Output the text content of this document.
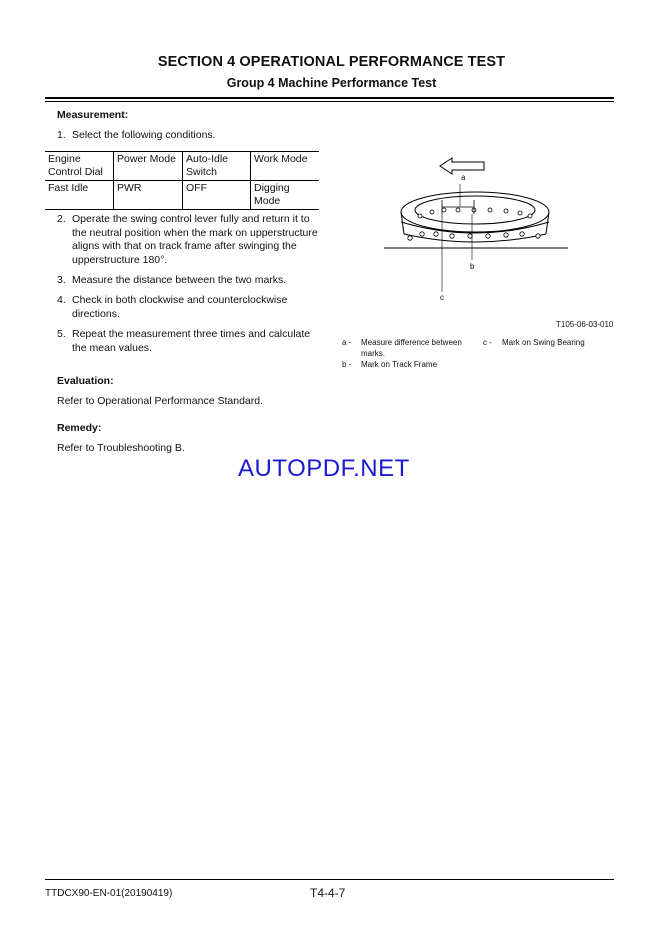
SECTION 4 OPERATIONAL PERFORMANCE TEST
Group 4 Machine Performance Test
Measurement:
1. Select the following conditions.
Engine Control Dial	Power Mode	Auto-Idle Switch	Work Mode
Fast Idle	PWR	OFF	Digging Mode
2. Operate the swing control lever fully and return it to the neutral position when the mark on upperstructure aligns with that on track frame after swinging the upperstructure 180°.
3. Measure the distance between the two marks.
4. Check in both clockwise and counterclockwise directions.
5. Repeat the measurement three times and calculate the mean values.
Evaluation:
Refer to Operational Performance Standard.
Remedy:
Refer to Troubleshooting B.
a
b
c
T105-06-03-010
a - Measure difference between marks.
c - Mark on Swing Bearing
b - Mark on Track Frame
AUTOPDF.NET
TTDCX90-EN-01(20190419)	T4-4-7
